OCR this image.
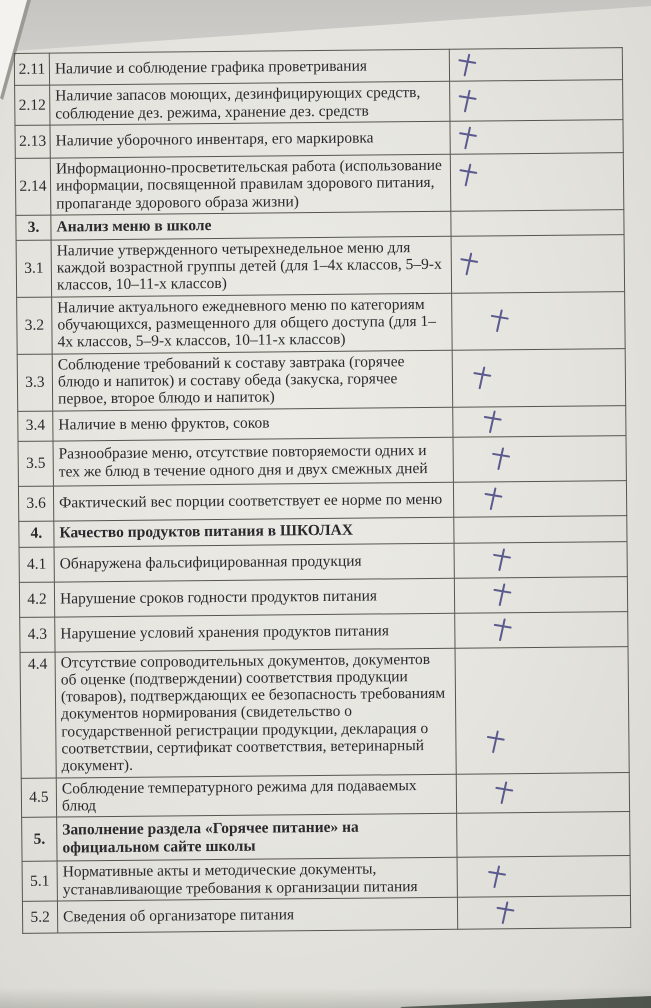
2.11	Наличие и соблюдение графика проветривания	
2.12	Наличие запасов моющих, дезинфицирующих средств, соблюдение дез. режима, хранение дез. средств	
2.13	Наличие уборочного инвентаря, его маркировка	
2.14	Информационно-просветительская работа (использование информации, посвященной правилам здорового питания, пропаганде здорового образа жизни)	
3.	Анализ меню в школе	
3.1	Наличие утвержденного четырехнедельное меню для каждой возрастной группы детей (для 1–4х классов, 5–9-х классов, 10–11-х классов)	
3.2	Наличие актуального ежедневного меню по категориям обучающихся, размещенного для общего доступа (для 1– 4х классов, 5–9-х классов, 10–11-х классов)	
3.3	Соблюдение требований к составу завтрака (горячее блюдо и напиток) и составу обеда (закуска, горячее первое, второе блюдо и напиток)	
3.4	Наличие в меню фруктов, соков	
3.5	Разнообразие меню, отсутствие повторяемости одних и тех же блюд в течение одного дня и двух смежных дней	
3.6	Фактический вес порции соответствует ее норме по меню	
4.	Качество продуктов питания в ШКОЛАХ	
4.1	Обнаружена фальсифицированная продукция	
4.2	Нарушение сроков годности продуктов питания	
4.3	Нарушение условий хранения продуктов питания	
4.4	Отсутствие сопроводительных документов, документов об оценке (подтверждении) соответствия продукции (товаров), подтверждающих ее безопасность требованиям документов нормирования (свидетельство о государственной регистрации продукции, декларация о соответствии, сертификат соответствия, ветеринарный документ).	
4.5	Соблюдение температурного режима для подаваемых блюд	
5.	Заполнение раздела «Горячее питание» на официальном сайте школы	
5.1	Нормативные акты и методические документы, устанавливающие требования к организации питания	
5.2	Сведения об организаторе питания	
